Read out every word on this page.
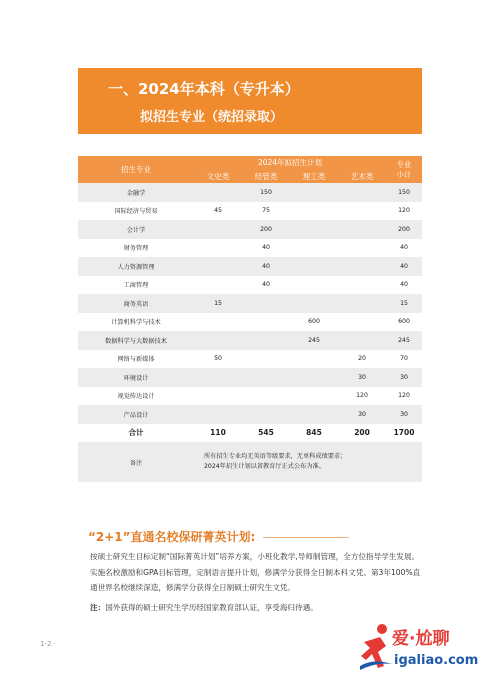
一、2024年本科（专升本）
拟招生专业（统招录取）
招生专业	2024年拟招生计划				专业小计
	文史类	经管类	理工类	艺术类	
金融学		150			150
国际经济与贸易	45	75			120
会计学		200			200
财务管理		40			40
人力资源管理		40			40
工商管理		40			40
商务英语	15				15
计算机科学与技术			600		600
数据科学与大数据技术			245		245
网络与新媒体	50			20	70
环境设计				30	30
视觉传达设计				120	120
产品设计				30	30
合计	110	545	845	200	1700
备注	所有招生专业均无英语等级要求，无单科成绩要求；
2024年招生计划以省教育厅正式公布为准。				
“2+1”直通名校保研菁英计划:
按硕士研究生目标定制“国际菁英计划”培养方案，小班化教学,导师制管理，全方位指导学生发展。实施名校激励和GPA目标管理，定制语言提升计划，修满学分获得全日制本科文凭。第3年100%直通世界名校继续深造，修满学分获得全日制硕士研究生文凭。
注：国外获得的硕士研究生学历经国家教育部认证，享受海归待遇。
1-2 ·	爱·尬聊
igaliao.com
